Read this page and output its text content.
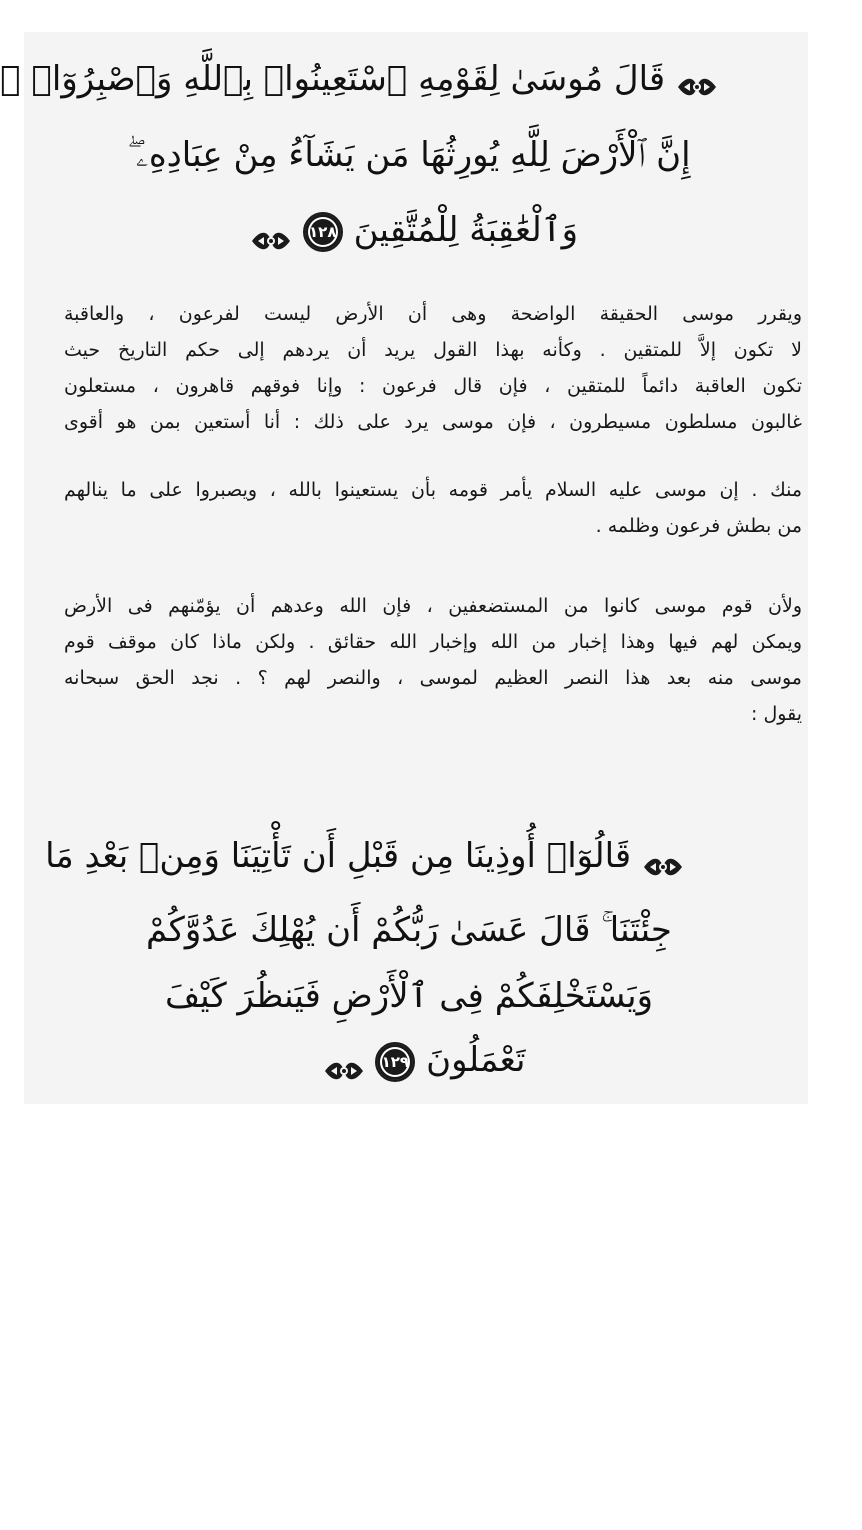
قَالَ مُوسَىٰ لِقَوْمِهِ ٱسْتَعِينُوا۟ بِٱللَّهِ وَٱصْبِرُوٓا۟ ۖ
إِنَّ ٱلْأَرْضَ لِلَّهِ يُورِثُهَا مَن يَشَآءُ مِنْ عِبَادِهِۦ ۖ
وَٱلْعَٰقِبَةُ لِلْمُتَّقِينَ ١٢٨
ويقرر موسى الحقيقة الواضحة وهى أن الأرض ليست لفرعون ، والعاقبة
لا تكون إلاَّ للمتقين . وكأنه بهذا القول يريد أن يردهم إلى حكم التاريخ حيث
تكون العاقبة دائماً للمتقين ، فإن قال فرعون : وإنا فوقهم قاهرون ، مستعلون
غالبون مسلطون مسيطرون ، فإن موسى يرد على ذلك : أنا أستعين بمن هو أقوى
منك . إن موسى عليه السلام يأمر قومه بأن يستعينوا بالله ، ويصبروا على ما ينالهم
من بطش فرعون وظلمه .
ولأن قوم موسى كانوا من المستضعفين ، فإن الله وعدهم أن يؤمّنهم فى الأرض
ويمكن لهم فيها وهذا إخبار من الله وإخبار الله حقائق . ولكن ماذا كان موقف قوم
موسى منه بعد هذا النصر العظيم لموسى ، والنصر لهم ؟ . نجد الحق سبحانه
يقول :
قَالُوٓا۟ أُوذِينَا مِن قَبْلِ أَن تَأْتِيَنَا وَمِنۢ بَعْدِ مَا
جِئْتَنَا ۚ قَالَ عَسَىٰ رَبُّكُمْ أَن يُهْلِكَ عَدُوَّكُمْ
وَيَسْتَخْلِفَكُمْ فِى ٱلْأَرْضِ فَيَنظُرَ كَيْفَ
تَعْمَلُونَ ١٢٩
